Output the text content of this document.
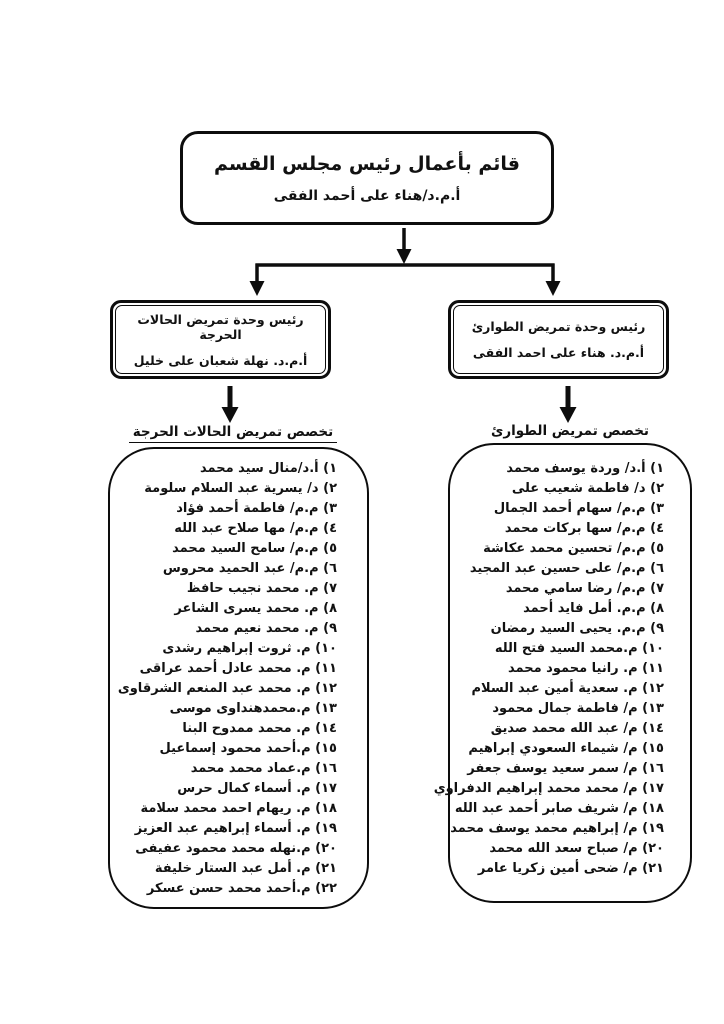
قائم بأعمال رئيس مجلس القسم
أ.م.د/هناء على أحمد الفقى
رئيس وحدة تمريض الحالات الحرجة
أ.م.د. نهلة شعبان على خليل
رئيس وحدة تمريض الطوارئ
أ.م.د. هناء على احمد الفقى
تخصص تمريض الحالات الحرجة	تخصص تمريض الطوارئ
١) أ.د/منال سيد محمد
٢) د/ يسرية عبد السلام سلومة
٣) م.م/ فاطمة أحمد فؤاد
٤) م.م/ مها صلاح عبد الله
٥) م.م/ سامح السيد محمد
٦) م.م/ عبد الحميد محروس
٧) م. محمد نجيب حافظ
٨) م. محمد يسرى الشاعر
٩) م. محمد نعيم محمد
١٠) م. ثروت إبراهيم رشدى
١١) م. محمد عادل أحمد عراقى
١٢) م. محمد عبد المنعم الشرقاوى
١٣) م.محمدهنداوى موسى
١٤) م. محمد ممدوح البنا
١٥) م.أحمد محمود إسماعيل
١٦) م.عماد محمد محمد
١٧) م. أسماء كمال حرس
١٨) م. ريهام احمد محمد سلامة
١٩) م. أسماء إبراهيم عبد العزيز
٢٠) م.نهله محمد محمود عفيفى
٢١) م. أمل عبد الستار خليفة
٢٢) م.أحمد محمد حسن عسكر
١) أ.د/ وردة يوسف محمد
٢) د/ فاطمة شعيب على
٣) م.م/ سهام أحمد الجمال
٤) م.م/ سها بركات محمد
٥) م.م/ تحسين محمد عكاشة
٦) م.م/ على حسين عبد المجيد
٧) م.م/ رضا سامي محمد
٨) م.م. أمل فايد أحمد
٩) م.م. يحيى السيد رمضان
١٠) م.محمد السيد فتح الله
١١) م. رانيا محمود محمد
١٢) م. سعدية أمين عبد السلام
١٣) م/ فاطمة جمال محمود
١٤) م/ عبد الله محمد صديق
١٥) م/ شيماء السعودي إبراهيم
١٦) م/ سمر سعيد يوسف جعفر
١٧) م/ محمد محمد إبراهيم الدفراوي
١٨) م/ شريف صابر أحمد عبد الله
١٩) م/ إبراهيم محمد يوسف محمد
٢٠) م/ صباح سعد الله محمد
٢١) م/ ضحى أمين زكريا عامر
